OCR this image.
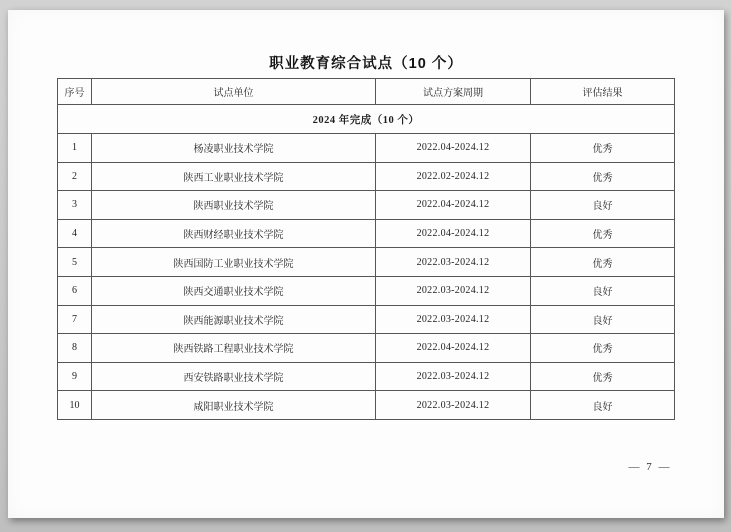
职业教育综合试点（10 个）
序号	试点单位	试点方案周期	评估结果
2024 年完成（10 个）			
1	杨凌职业技术学院	2022.04-2024.12	优秀
2	陕西工业职业技术学院	2022.02-2024.12	优秀
3	陕西职业技术学院	2022.04-2024.12	良好
4	陕西财经职业技术学院	2022.04-2024.12	优秀
5	陕西国防工业职业技术学院	2022.03-2024.12	优秀
6	陕西交通职业技术学院	2022.03-2024.12	良好
7	陕西能源职业技术学院	2022.03-2024.12	良好
8	陕西铁路工程职业技术学院	2022.04-2024.12	优秀
9	西安铁路职业技术学院	2022.03-2024.12	优秀
10	咸阳职业技术学院	2022.03-2024.12	良好
— 7 —
